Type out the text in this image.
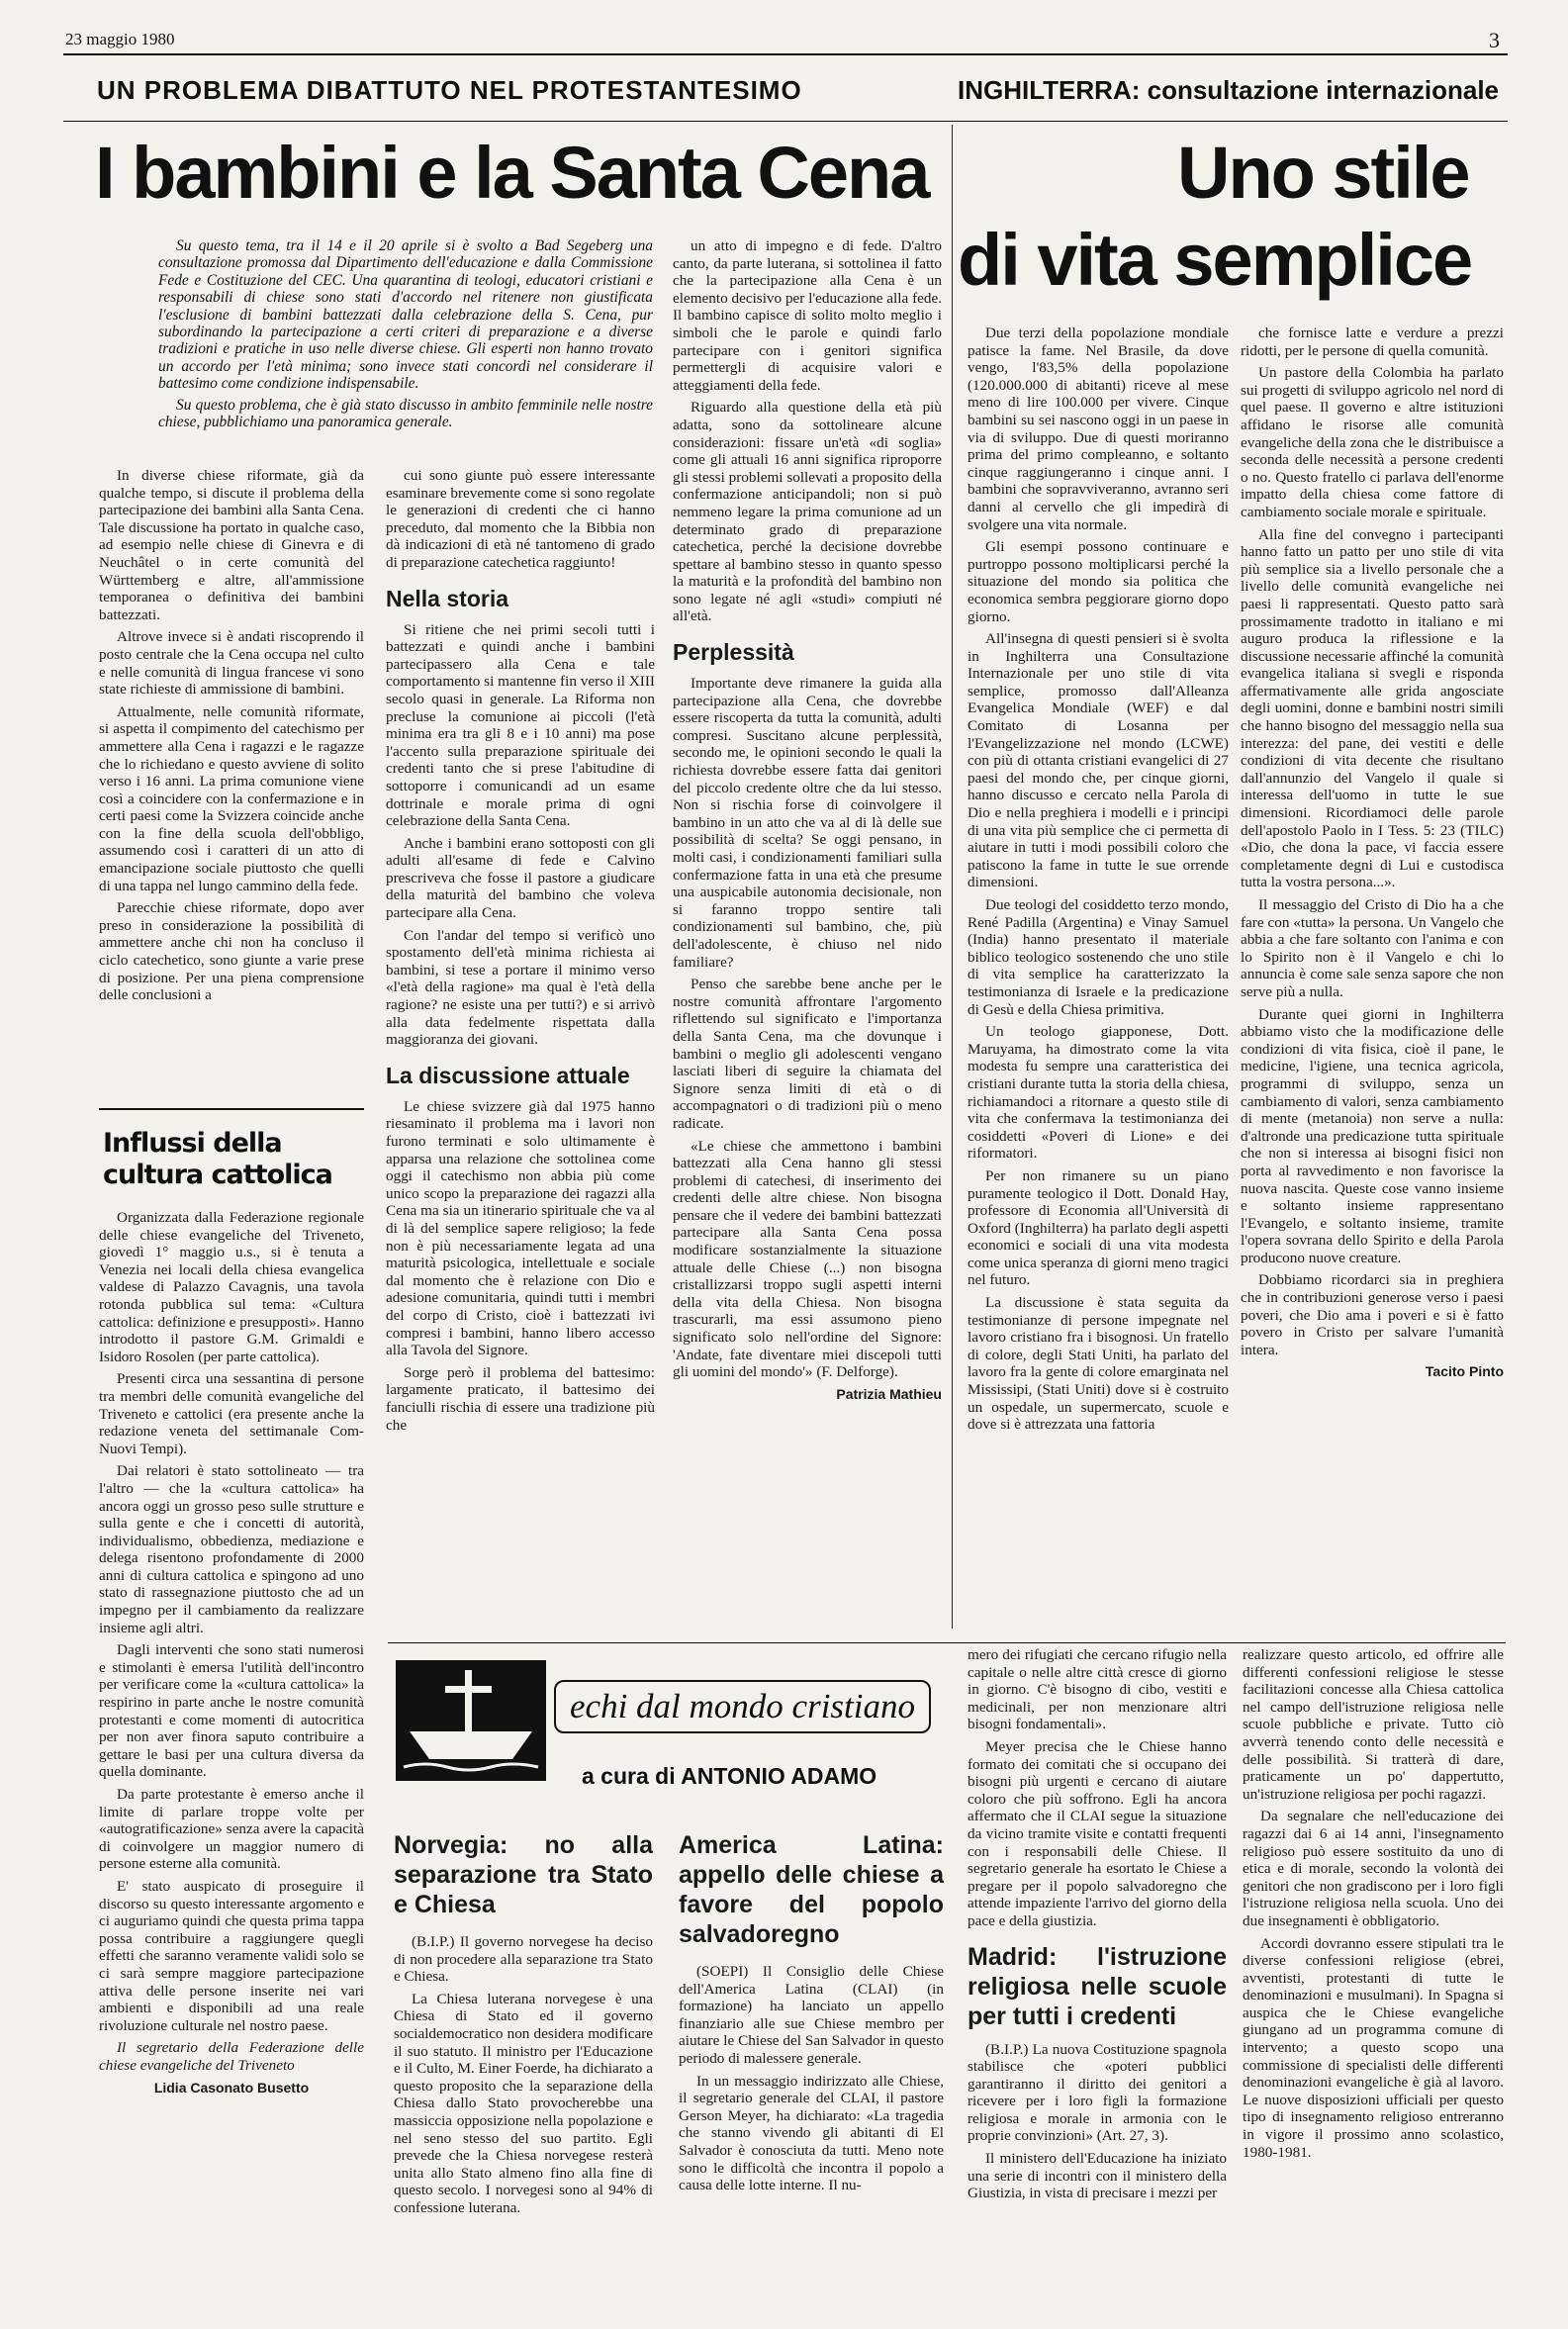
23 maggio 1980	3
UN PROBLEMA DIBATTUTO NEL PROTESTANTESIMO	INGHILTERRA: consultazione internazionale
I bambini e la Santa Cena

Su questo tema, tra il 14 e il 20 aprile si è svolto a Bad Segeberg una consultazione promossa dal Dipartimento dell'educazione e dalla Commissione Fede e Costituzione del CEC. Una quarantina di teologi, educatori cristiani e responsabili di chiese sono stati d'accordo nel ritenere non giustificata l'esclusione di bambini battezzati dalla celebrazione della S. Cena, pur subordinando la partecipazione a certi criteri di preparazione e a diverse tradizioni e pratiche in uso nelle diverse chiese. Gli esperti non hanno trovato un accordo per l'età minima; sono invece stati concordi nel considerare il battesimo come condizione indispensabile.

Su questo problema, che è già stato discusso in ambito femminile nelle nostre chiese, pubblichiamo una panoramica generale.

In diverse chiese riformate, già da qualche tempo, si discute il problema della partecipazione dei bambini alla Santa Cena. Tale discussione ha portato in qualche caso, ad esempio nelle chiese di Ginevra e di Neuchâtel o in certe comunità del Württemberg e altre, all'ammissione temporanea o definitiva dei bambini battezzati.

Altrove invece si è andati riscoprendo il posto centrale che la Cena occupa nel culto e nelle comunità di lingua francese vi sono state richieste di ammissione di bambini.

Attualmente, nelle comunità riformate, si aspetta il compimento del catechismo per ammettere alla Cena i ragazzi e le ragazze che lo richiedano e questo avviene di solito verso i 16 anni. La prima comunione viene così a coincidere con la confermazione e in certi paesi come la Svizzera coincide anche con la fine della scuola dell'obbligo, assumendo così i caratteri di un atto di emancipazione sociale piuttosto che quelli di una tappa nel lungo cammino della fede.

Parecchie chiese riformate, dopo aver preso in considerazione la possibilità di ammettere anche chi non ha concluso il ciclo catechetico, sono giunte a varie prese di posizione. Per una piena comprensione delle conclusioni a

cui sono giunte può essere interessante esaminare brevemente come si sono regolate le generazioni di credenti che ci hanno preceduto, dal momento che la Bibbia non dà indicazioni di età né tantomeno di grado di preparazione catechetica raggiunto!

Nella storia

Si ritiene che nei primi secoli tutti i battezzati e quindi anche i bambini partecipassero alla Cena e tale comportamento si mantenne fin verso il XIII secolo quasi in generale. La Riforma non precluse la comunione ai piccoli (l'età minima era tra gli 8 e i 10 anni) ma pose l'accento sulla preparazione spirituale dei credenti tanto che si prese l'abitudine di sottoporre i comunicandi ad un esame dottrinale e morale prima di ogni celebrazione della Santa Cena.

Anche i bambini erano sottoposti con gli adulti all'esame di fede e Calvino prescriveva che fosse il pastore a giudicare della maturità del bambino che voleva partecipare alla Cena.

Con l'andar del tempo si verificò uno spostamento dell'età minima richiesta ai bambini, si tese a portare il minimo verso «l'età della ragione» ma qual è l'età della ragione? ne esiste una per tutti?) e si arrivò alla data fedelmente rispettata dalla maggioranza dei giovani.

La discussione attuale

Le chiese svizzere già dal 1975 hanno riesaminato il problema ma i lavori non furono terminati e solo ultimamente è apparsa una relazione che sottolinea come oggi il catechismo non abbia più come unico scopo la preparazione dei ragazzi alla Cena ma sia un itinerario spirituale che va al di là del semplice sapere religioso; la fede non è più necessariamente legata ad una maturità psicologica, intellettuale e sociale dal momento che è relazione con Dio e adesione comunitaria, quindi tutti i membri del corpo di Cristo, cioè i battezzati ivi compresi i bambini, hanno libero accesso alla Tavola del Signore.

Sorge però il problema del battesimo: largamente praticato, il battesimo dei fanciulli rischia di essere una tradizione più che

un atto di impegno e di fede. D'altro canto, da parte luterana, si sottolinea il fatto che la partecipazione alla Cena è un elemento decisivo per l'educazione alla fede. Il bambino capisce di solito molto meglio i simboli che le parole e quindi farlo partecipare con i genitori significa permettergli di acquisire valori e atteggiamenti della fede.

Riguardo alla questione della età più adatta, sono da sottolineare alcune considerazioni: fissare un'età «di soglia» come gli attuali 16 anni significa riproporre gli stessi problemi sollevati a proposito della confermazione anticipandoli; non si può nemmeno legare la prima comunione ad un determinato grado di preparazione catechetica, perché la decisione dovrebbe spettare al bambino stesso in quanto spesso la maturità e la profondità del bambino non sono legate né agli «studi» compiuti né all'età.

Perplessità

Importante deve rimanere la guida alla partecipazione alla Cena, che dovrebbe essere riscoperta da tutta la comunità, adulti compresi. Suscitano alcune perplessità, secondo me, le opinioni secondo le quali la richiesta dovrebbe essere fatta dai genitori del piccolo credente oltre che da lui stesso. Non si rischia forse di coinvolgere il bambino in un atto che va al di là delle sue possibilità di scelta? Se oggi pensano, in molti casi, i condizionamenti familiari sulla confermazione fatta in una età che presume una auspicabile autonomia decisionale, non si faranno troppo sentire tali condizionamenti sul bambino, che, più dell'adolescente, è chiuso nel nido familiare?

Penso che sarebbe bene anche per le nostre comunità affrontare l'argomento riflettendo sul significato e l'importanza della Santa Cena, ma che dovunque i bambini o meglio gli adolescenti vengano lasciati liberi di seguire la chiamata del Signore senza limiti di età o di accompagnatori o di tradizioni più o meno radicate.

«Le chiese che ammettono i bambini battezzati alla Cena hanno gli stessi problemi di catechesi, di inserimento dei credenti delle altre chiese. Non bisogna pensare che il vedere dei bambini battezzati partecipare alla Santa Cena possa modificare sostanzialmente la situazione attuale delle Chiese (...) non bisogna cristallizzarsi troppo sugli aspetti interni della vita della Chiesa. Non bisogna trascurarli, ma essi assumono pieno significato solo nell'ordine del Signore: 'Andate, fate diventare miei discepoli tutti gli uomini del mondo'» (F. Delforge).

Patrizia Mathieu
Influssi della cultura cattolica

Organizzata dalla Federazione regionale delle chiese evangeliche del Triveneto, giovedì 1° maggio u.s., si è tenuta a Venezia nei locali della chiesa evangelica valdese di Palazzo Cavagnis, una tavola rotonda pubblica sul tema: «Cultura cattolica: definizione e presupposti». Hanno introdotto il pastore G.M. Grimaldi e Isidoro Rosolen (per parte cattolica).

Presenti circa una sessantina di persone tra membri delle comunità evangeliche del Triveneto e cattolici (era presente anche la redazione veneta del settimanale Com-Nuovi Tempi).

Dai relatori è stato sottolineato — tra l'altro — che la «cultura cattolica» ha ancora oggi un grosso peso sulle strutture e sulla gente e che i concetti di autorità, individualismo, obbedienza, mediazione e delega risentono profondamente di 2000 anni di cultura cattolica e spingono ad uno stato di rassegnazione piuttosto che ad un impegno per il cambiamento da realizzare insieme agli altri.

Dagli interventi che sono stati numerosi e stimolanti è emersa l'utilità dell'incontro per verificare come la «cultura cattolica» la respirino in parte anche le nostre comunità protestanti e come momenti di autocritica per non aver finora saputo contribuire a gettare le basi per una cultura diversa da quella dominante.

Da parte protestante è emerso anche il limite di parlare troppe volte per «autogratificazione» senza avere la capacità di coinvolgere un maggior numero di persone esterne alla comunità.

E' stato auspicato di proseguire il discorso su questo interessante argomento e ci auguriamo quindi che questa prima tappa possa contribuire a raggiungere quegli effetti che saranno veramente validi solo se ci sarà sempre maggiore partecipazione attiva delle persone inserite nei vari ambienti e disponibili ad una reale rivoluzione culturale nel nostro paese.

Il segretario della Federazione delle chiese evangeliche del Triveneto

Lidia Casonato Busetto
Uno stile
di vita semplice

Due terzi della popolazione mondiale patisce la fame. Nel Brasile, da dove vengo, l'83,5% della popolazione (120.000.000 di abitanti) riceve al mese meno di lire 100.000 per vivere. Cinque bambini su sei nascono oggi in un paese in via di sviluppo. Due di questi moriranno prima del primo compleanno, e soltanto cinque raggiungeranno i cinque anni. I bambini che sopravviveranno, avranno seri danni al cervello che gli impedirà di svolgere una vita normale.

Gli esempi possono continuare e purtroppo possono moltiplicarsi perché la situazione del mondo sia politica che economica sembra peggiorare giorno dopo giorno.

All'insegna di questi pensieri si è svolta in Inghilterra una Consultazione Internazionale per uno stile di vita semplice, promosso dall'Alleanza Evangelica Mondiale (WEF) e dal Comitato di Losanna per l'Evangelizzazione nel mondo (LCWE) con più di ottanta cristiani evangelici di 27 paesi del mondo che, per cinque giorni, hanno discusso e cercato nella Parola di Dio e nella preghiera i modelli e i principi di una vita più semplice che ci permetta di aiutare in tutti i modi possibili coloro che patiscono la fame in tutte le sue orrende dimensioni.

Due teologi del cosiddetto terzo mondo, René Padilla (Argentina) e Vinay Samuel (India) hanno presentato il materiale biblico teologico sostenendo che uno stile di vita semplice ha caratterizzato la testimonianza di Israele e la predicazione di Gesù e della Chiesa primitiva.

Un teologo giapponese, Dott. Maruyama, ha dimostrato come la vita modesta fu sempre una caratteristica dei cristiani durante tutta la storia della chiesa, richiamandoci a ritornare a questo stile di vita che confermava la testimonianza dei cosiddetti «Poveri di Lione» e dei riformatori.

Per non rimanere su un piano puramente teologico il Dott. Donald Hay, professore di Economia all'Università di Oxford (Inghilterra) ha parlato degli aspetti economici e sociali di una vita modesta come unica speranza di giorni meno tragici nel futuro.

La discussione è stata seguita da testimonianze di persone impegnate nel lavoro cristiano fra i bisognosi. Un fratello di colore, degli Stati Uniti, ha parlato del lavoro fra la gente di colore emarginata nel Mississipi, (Stati Uniti) dove si è costruito un ospedale, un supermercato, scuole e dove si è attrezzata una fattoria

che fornisce latte e verdure a prezzi ridotti, per le persone di quella comunità.

Un pastore della Colombia ha parlato sui progetti di sviluppo agricolo nel nord di quel paese. Il governo e altre istituzioni affidano le risorse alle comunità evangeliche della zona che le distribuisce a seconda delle necessità a persone credenti o no. Questo fratello ci parlava dell'enorme impatto della chiesa come fattore di cambiamento sociale morale e spirituale.

Alla fine del convegno i partecipanti hanno fatto un patto per uno stile di vita più semplice sia a livello personale che a livello delle comunità evangeliche nei paesi li rappresentati. Questo patto sarà prossimamente tradotto in italiano e mi auguro produca la riflessione e la discussione necessarie affinché la comunità evangelica italiana si svegli e risponda affermativamente alle grida angosciate degli uomini, donne e bambini nostri simili che hanno bisogno del messaggio nella sua interezza: del pane, dei vestiti e delle condizioni di vita decente che risultano dall'annunzio del Vangelo il quale si interessa dell'uomo in tutte le sue dimensioni. Ricordiamoci delle parole dell'apostolo Paolo in I Tess. 5: 23 (TILC) «Dio, che dona la pace, vi faccia essere completamente degni di Lui e custodisca tutta la vostra persona...».

Il messaggio del Cristo di Dio ha a che fare con «tutta» la persona. Un Vangelo che abbia a che fare soltanto con l'anima e con lo Spirito non è il Vangelo e chi lo annuncia è come sale senza sapore che non serve più a nulla.

Durante quei giorni in Inghilterra abbiamo visto che la modificazione delle condizioni di vita fisica, cioè il pane, le medicine, l'igiene, una tecnica agricola, programmi di sviluppo, senza un cambiamento di valori, senza cambiamento di mente (metanoia) non serve a nulla: d'altronde una predicazione tutta spirituale che non si interessa ai bisogni fisici non porta al ravvedimento e non favorisce la nuova nascita. Queste cose vanno insieme e soltanto insieme rappresentano l'Evangelo, e soltanto insieme, tramite l'opera sovrana dello Spirito e della Parola producono nuove creature.

Dobbiamo ricordarci sia in preghiera che in contribuzioni generose verso i paesi poveri, che Dio ama i poveri e si è fatto povero in Cristo per salvare l'umanità intera.

Tacito Pinto
echi dal mondo cristiano
a cura di ANTONIO ADAMO
Norvegia: no alla separazione tra Stato e Chiesa

(B.I.P.) Il governo norvegese ha deciso di non procedere alla separazione tra Stato e Chiesa.

La Chiesa luterana norvegese è una Chiesa di Stato ed il governo socialdemocratico non desidera modificare il suo statuto. Il ministro per l'Educazione e il Culto, M. Einer Foerde, ha dichiarato a questo proposito che la separazione della Chiesa dallo Stato provocherebbe una massiccia opposizione nella popolazione e nel seno stesso del suo partito. Egli prevede che la Chiesa norvegese resterà unita allo Stato almeno fino alla fine di questo secolo. I norvegesi sono al 94% di confessione luterana.

America Latina: appello delle chiese a favore del popolo salvadoregno

(SOEPI) Il Consiglio delle Chiese dell'America Latina (CLAI) (in formazione) ha lanciato un appello finanziario alle sue Chiese membro per aiutare le Chiese del San Salvador in questo periodo di malessere generale.

In un messaggio indirizzato alle Chiese, il segretario generale del CLAI, il pastore Gerson Meyer, ha dichiarato: «La tragedia che stanno vivendo gli abitanti di El Salvador è conosciuta da tutti. Meno note sono le difficoltà che incontra il popolo a causa delle lotte interne. Il nu-

mero dei rifugiati che cercano rifugio nella capitale o nelle altre città cresce di giorno in giorno. C'è bisogno di cibo, vestiti e medicinali, per non menzionare altri bisogni fondamentali».

Meyer precisa che le Chiese hanno formato dei comitati che si occupano dei bisogni più urgenti e cercano di aiutare coloro che più soffrono. Egli ha ancora affermato che il CLAI segue la situazione da vicino tramite visite e contatti frequenti con i responsabili delle Chiese. Il segretario generale ha esortato le Chiese a pregare per il popolo salvadoregno che attende impaziente l'arrivo del giorno della pace e della giustizia.

Madrid: l'istruzione religiosa nelle scuole per tutti i credenti

(B.I.P.) La nuova Costituzione spagnola stabilisce che «poteri pubblici garantiranno il diritto dei genitori a ricevere per i loro figli la formazione religiosa e morale in armonia con le proprie convinzioni» (Art. 27, 3).

Il ministero dell'Educazione ha iniziato una serie di incontri con il ministero della Giustizia, in vista di precisare i mezzi per

realizzare questo articolo, ed offrire alle differenti confessioni religiose le stesse facilitazioni concesse alla Chiesa cattolica nel campo dell'istruzione religiosa nelle scuole pubbliche e private. Tutto ciò avverrà tenendo conto delle necessità e delle possibilità. Si tratterà di dare, praticamente un po' dappertutto, un'istruzione religiosa per pochi ragazzi.

Da segnalare che nell'educazione dei ragazzi dai 6 ai 14 anni, l'insegnamento religioso può essere sostituito da uno di etica e di morale, secondo la volontà dei genitori che non gradiscono per i loro figli l'istruzione religiosa nella scuola. Uno dei due insegnamenti è obbligatorio.

Accordi dovranno essere stipulati tra le diverse confessioni religiose (ebrei, avventisti, protestanti di tutte le denominazioni e musulmani). In Spagna si auspica che le Chiese evangeliche giungano ad un programma comune di intervento; a questo scopo una commissione di specialisti delle differenti denominazioni evangeliche è già al lavoro. Le nuove disposizioni ufficiali per questo tipo di insegnamento religioso entreranno in vigore il prossimo anno scolastico, 1980-1981.
